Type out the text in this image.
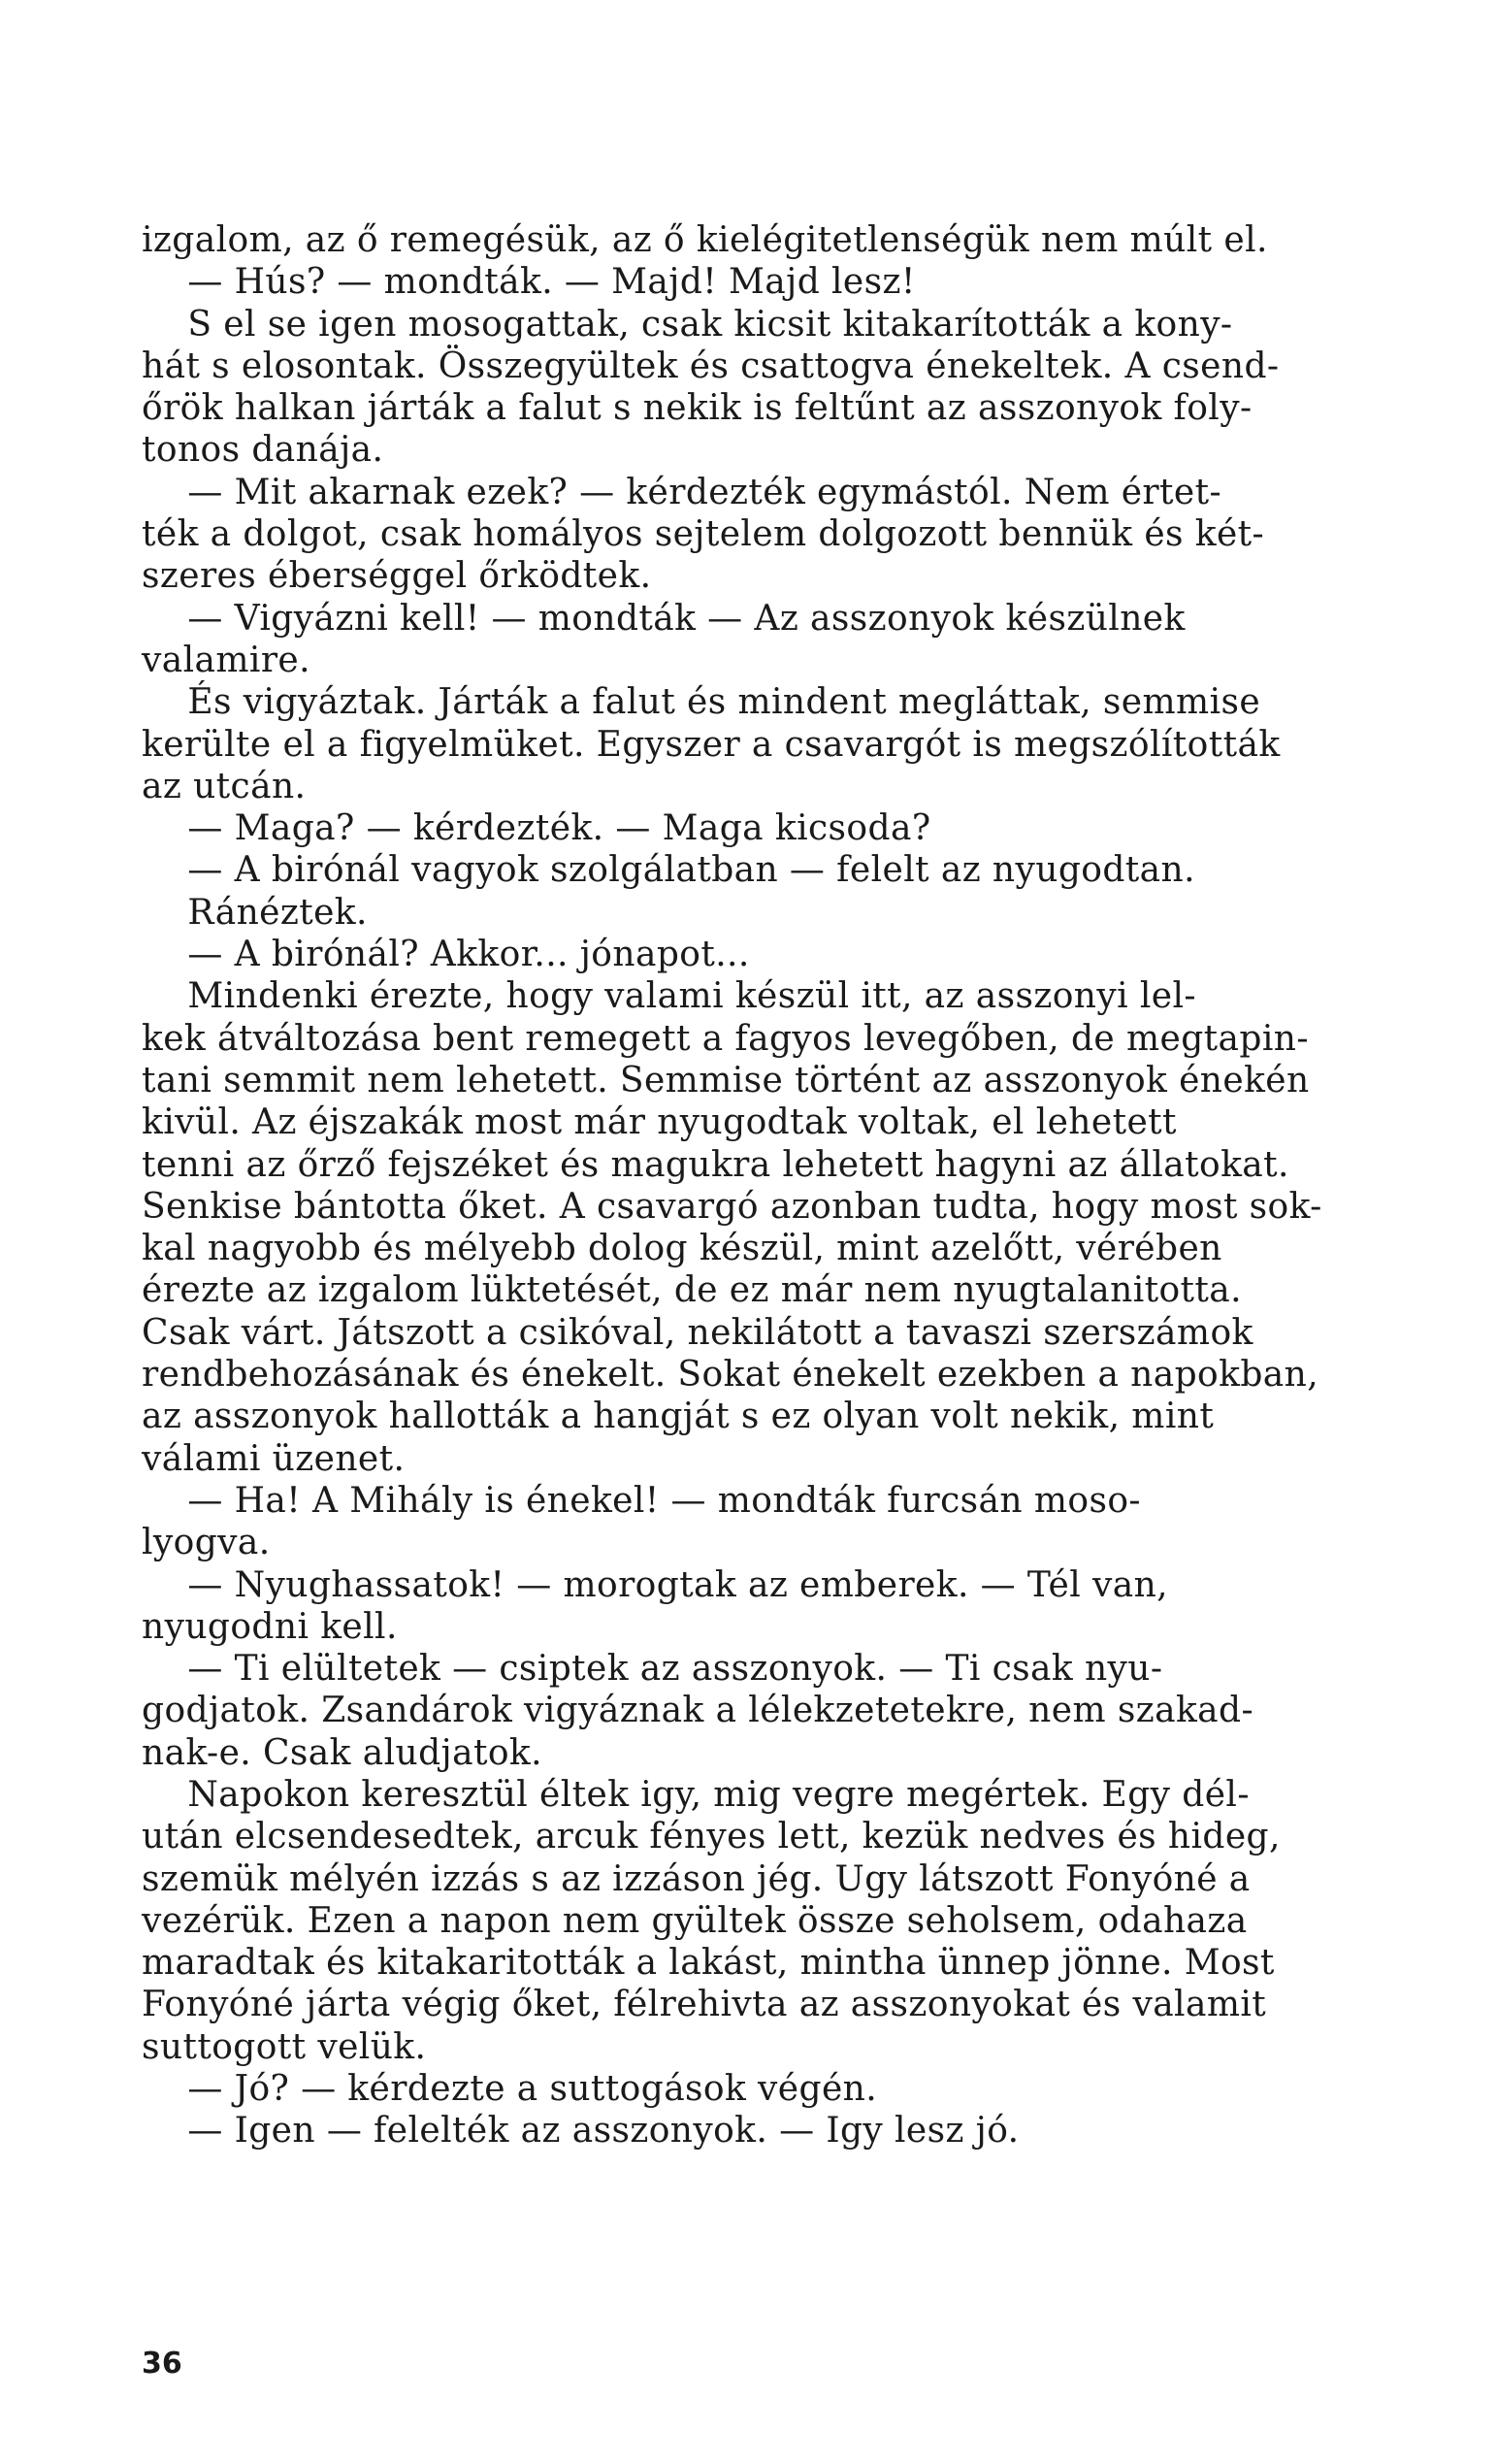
izgalom, az ő remegésük, az ő kielégitetlenségük nem múlt el.
— Hús? — mondták. — Majd! Majd lesz!
S el se igen mosogattak, csak kicsit kitakarították a kony-
hát s elosontak. Összegyültek és csattogva énekeltek. A csend-
őrök halkan járták a falut s nekik is feltűnt az asszonyok foly-
tonos danája.
— Mit akarnak ezek? — kérdezték egymástól. Nem értet-
ték a dolgot, csak homályos sejtelem dolgozott bennük és két-
szeres éberséggel őrködtek.
— Vigyázni kell! — mondták — Az asszonyok készülnek
valamire.
És vigyáztak. Járták a falut és mindent megláttak, semmise
kerülte el a figyelmüket. Egyszer a csavargót is megszólították
az utcán.
— Maga? — kérdezték. — Maga kicsoda?
— A birónál vagyok szolgálatban — felelt az nyugodtan.
Ránéztek.
— A birónál? Akkor... jónapot...
Mindenki érezte, hogy valami készül itt, az asszonyi lel-
kek átváltozása bent remegett a fagyos levegőben, de megtapin-
tani semmit nem lehetett. Semmise történt az asszonyok énekén
kivül. Az éjszakák most már nyugodtak voltak, el lehetett
tenni az őrző fejszéket és magukra lehetett hagyni az állatokat.
Senkise bántotta őket. A csavargó azonban tudta, hogy most sok-
kal nagyobb és mélyebb dolog készül, mint azelőtt, vérében
érezte az izgalom lüktetését, de ez már nem nyugtalanitotta.
Csak várt. Játszott a csikóval, nekilátott a tavaszi szerszámok
rendbehozásának és énekelt. Sokat énekelt ezekben a napokban,
az asszonyok hallották a hangját s ez olyan volt nekik, mint
válami üzenet.
— Ha! A Mihály is énekel! — mondták furcsán moso-
lyogva.
— Nyughassatok! — morogtak az emberek. — Tél van,
nyugodni kell.
— Ti elültetek — csiptek az asszonyok. — Ti csak nyu-
godjatok. Zsandárok vigyáznak a lélekzetetekre, nem szakad-
nak-e. Csak aludjatok.
Napokon keresztül éltek igy, mig vegre megértek. Egy dél-
után elcsendesedtek, arcuk fényes lett, kezük nedves és hideg,
szemük mélyén izzás s az izzáson jég. Ugy látszott Fonyóné a
vezérük. Ezen a napon nem gyültek össze seholsem, odahaza
maradtak és kitakaritották a lakást, mintha ünnep jönne. Most
Fonyóné járta végig őket, félrehivta az asszonyokat és valamit
suttogott velük.
— Jó? — kérdezte a suttogások végén.
— Igen — felelték az asszonyok. — Igy lesz jó.
36
